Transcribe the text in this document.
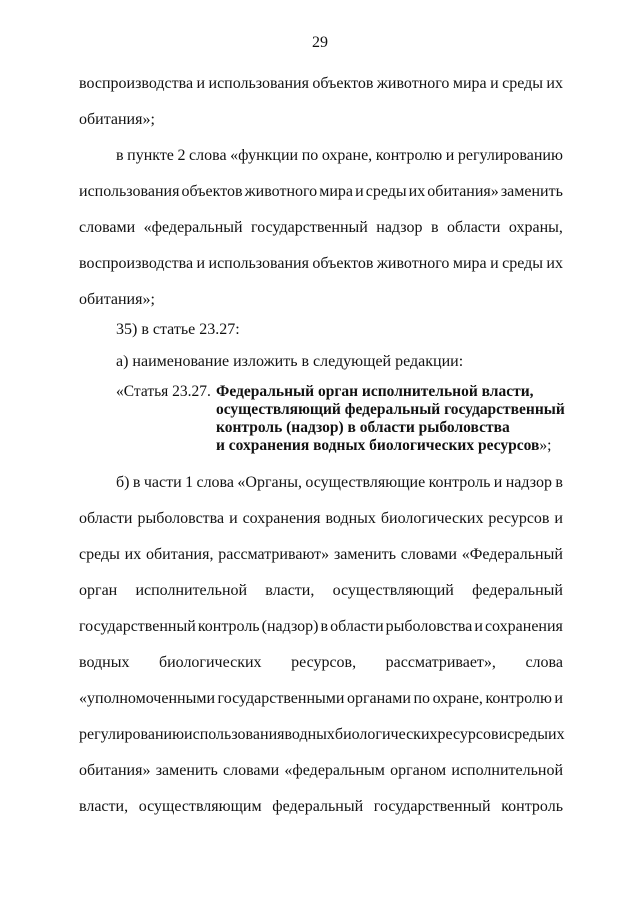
29
воспроизводства и использования объектов животного мира и среды их
обитания»;
в пункте 2 слова «функции по охране, контролю и регулированию
использования объектов животного мира и среды их обитания» заменить
словами «федеральный государственный надзор в области охраны,
воспроизводства и использования объектов животного мира и среды их
обитания»;
35) в статье 23.27:
а) наименование изложить в следующей редакции:
«Статья 23.27. Федеральный орган исполнительной власти,
осуществляющий федеральный государственный
контроль (надзор) в области рыболовства
и сохранения водных биологических ресурсов»;
б) в части 1 слова «Органы, осуществляющие контроль и надзор в
области рыболовства и сохранения водных биологических ресурсов и
среды их обитания, рассматривают» заменить словами «Федеральный
орган исполнительной власти, осуществляющий федеральный
государственный контроль (надзор) в области рыболовства и сохранения
водных биологических ресурсов, рассматривает», слова
«уполномоченными государственными органами по охране, контролю и
регулированию использования водных биологических ресурсов и среды их
обитания» заменить словами «федеральным органом исполнительной
власти, осуществляющим федеральный государственный контроль
